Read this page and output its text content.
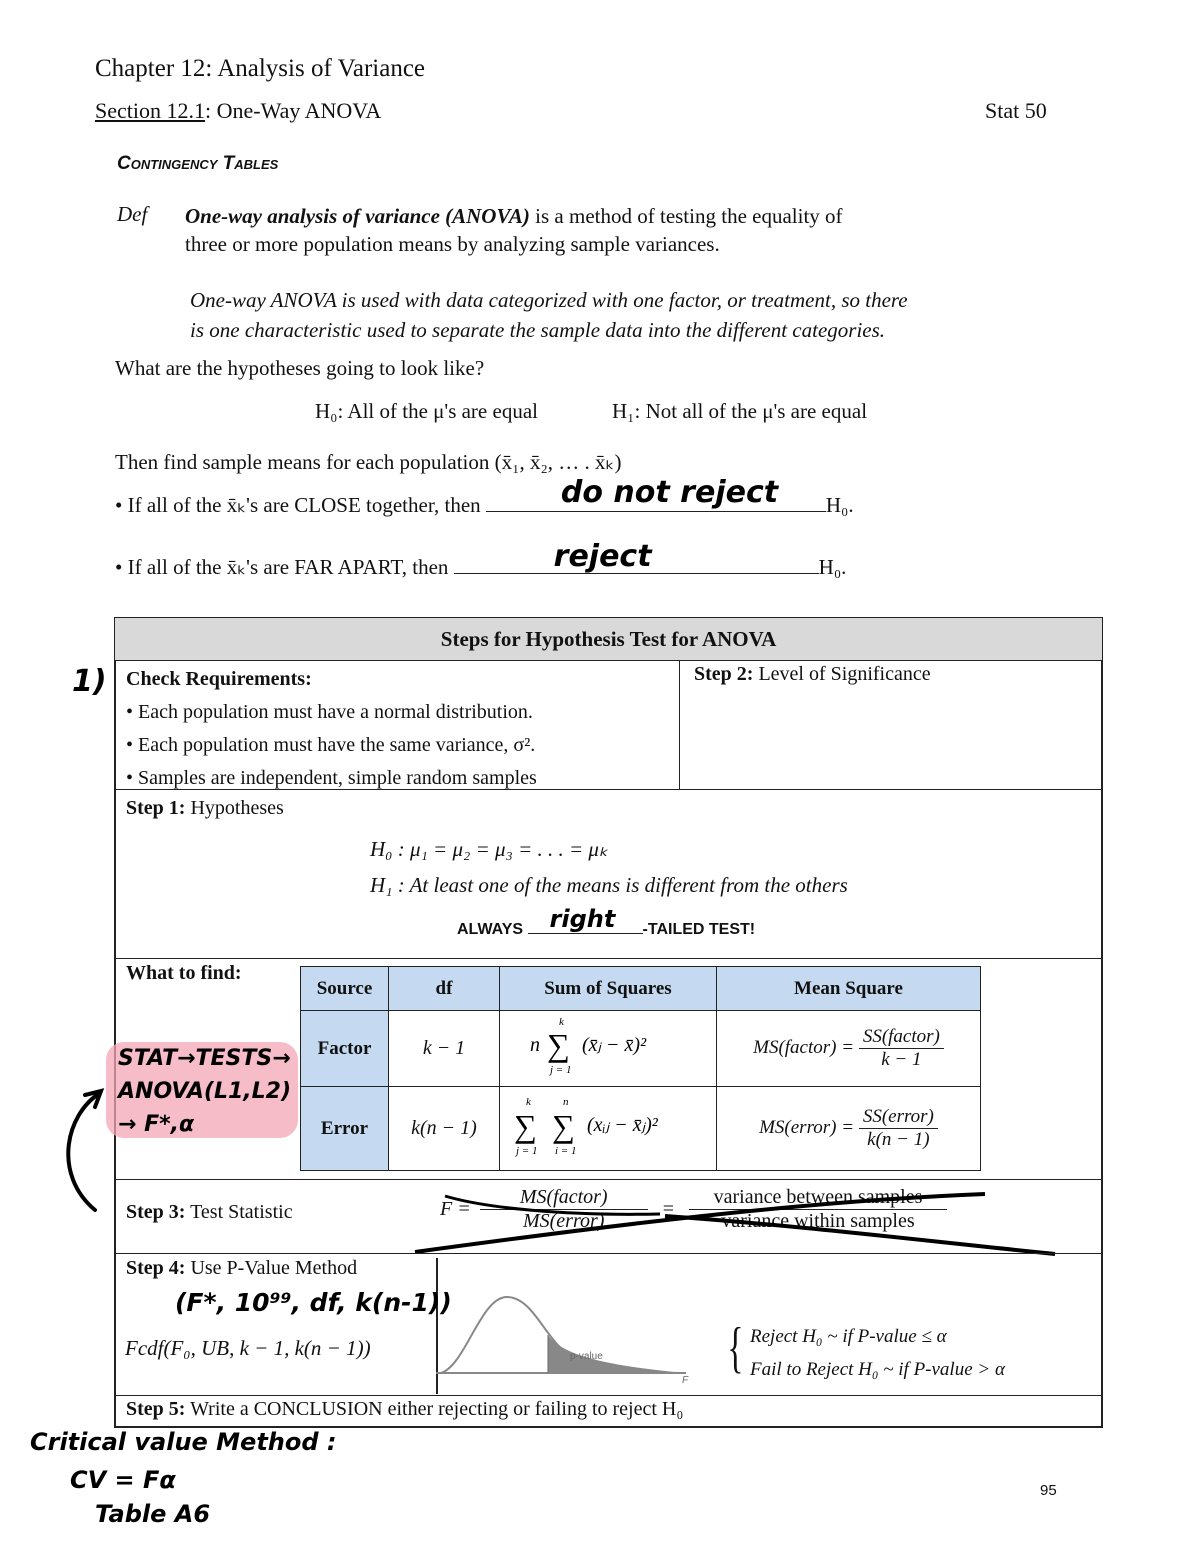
Chapter 12: Analysis of Variance
Section 12.1: One-Way ANOVA	Stat 50
Contingency Tables
Def One-way analysis of variance (ANOVA) is a method of testing the equality of
three or more population means by analyzing sample variances.
One-way ANOVA is used with data categorized with one factor, or treatment, so there
is one characteristic used to separate the sample data into the different categories.
What are the hypotheses going to look like?
H₀: All of the μ's are equal	H₁: Not all of the μ's are equal
Then find sample means for each population (x̄₁, x̄₂, … . x̄ₖ)
• If all of the x̄ₖ's are CLOSE together, then	do not reject H₀.
• If all of the x̄ₖ's are FAR APART, then	reject	H₀.
1)
Steps for Hypothesis Test for ANOVA
Check Requirements:
• Each population must have a normal distribution.
• Each population must have the same variance, σ².
• Samples are independent, simple random samples
Step 2: Level of Significance
Step 1: Hypotheses
H₀ : μ₁ = μ₂ = μ₃ = . . . = μₖ
H₁ : At least one of the means is different from the others
ALWAYS right -TAILED TEST!
What to find:
Source	df	Sum of Squares	Mean Square
Factor	k − 1	n ∑
k
j = 1
(x̄ⱼ − x̄)²	MS(factor) = $\frac{\text{SS(factor)}}{k - 1}$
Error k(n − 1) ∑
k
j = 1
∑
n
i = 1
(xᵢⱼ − x̄ⱼ)²	MS(error) = $\frac{\text{SS(error)}}{k(n - 1)}$
STAT→TESTS→
ANOVA(L1,L2)
→ F*,α
Step 3: Test Statistic	$F = \frac{\text{MS(factor)}}{\text{MS(error)}} = \frac{\text{variance between samples}}{\text{variance within samples}}$
Step 4: Use P-Value Method
(F*, 10⁹⁹, df, k(n-1))
Fcdf(F₀, UB, k − 1, k(n − 1))	p-value
F
{ Reject H₀ ~ if P-value ≤ α
Fail to Reject H₀ ~ if P-value > α
Step 5: Write a CONCLUSION either rejecting or failing to reject H₀
Critical value Method :
CV = Fα
Table A6
95
